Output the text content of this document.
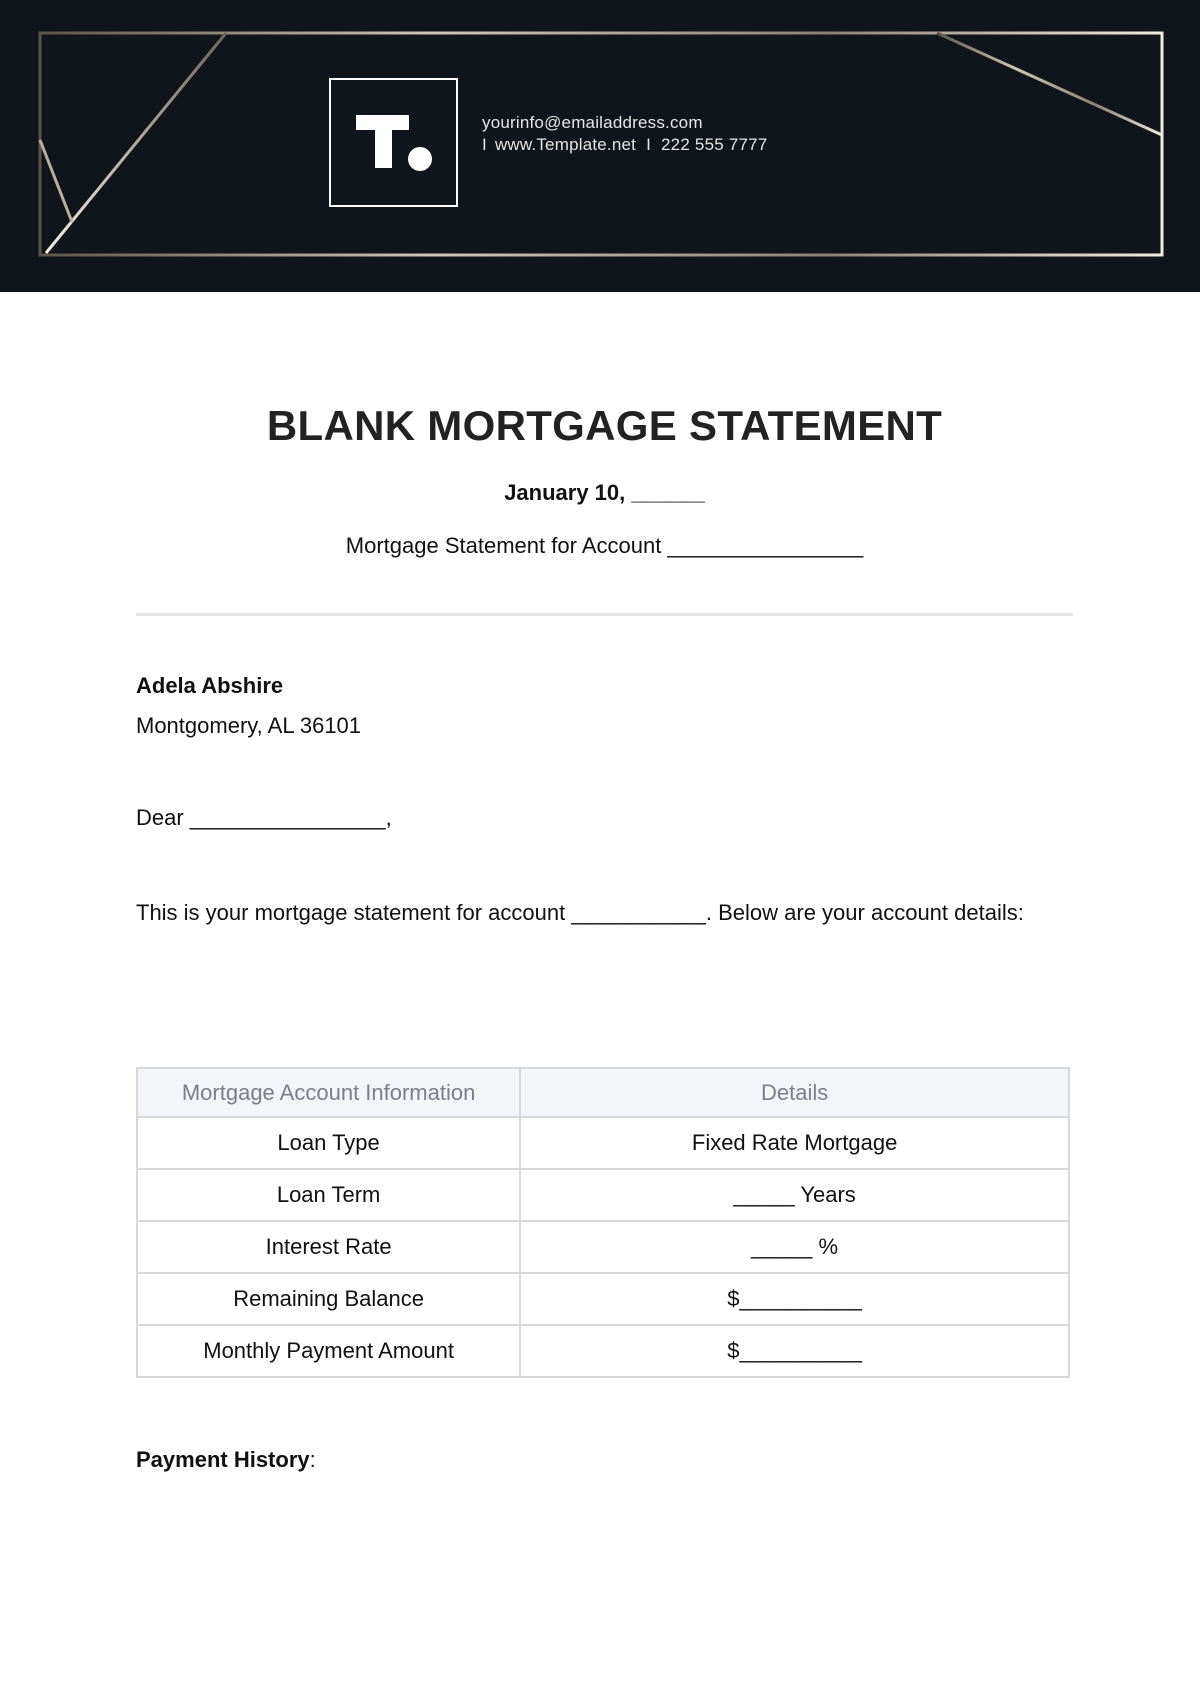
yourinfo@emailaddress.com
I www.Template.net I 222 555 7777
BLANK MORTGAGE STATEMENT
January 10, ______
Mortgage Statement for Account ________________
Adela Abshire
Montgomery, AL 36101
Dear ________________,
This is your mortgage statement for account ___________. Below are your account details:
Mortgage Account Information	Details
Loan Type	Fixed Rate Mortgage
Loan Term	_____ Years
Interest Rate	_____ %
Remaining Balance	$__________
Monthly Payment Amount	$__________
Payment History:
